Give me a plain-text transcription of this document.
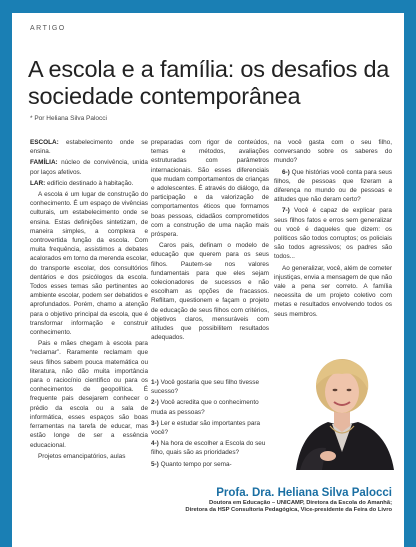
ARTIGO
A escola e a família: os desafios da sociedade contemporânea
* Por Heliana Silva Palocci

ESCOLA: estabelecimento onde se ensina.

FAMÍLIA: núcleo de convivência, unida por laços afetivos.

LAR: edifício destinado à habitação.

A escola é um lugar de construção do conhecimento. É um espaço de vivências culturais, um estabelecimento onde se ensina. Estas definições sintetizam, de maneira simples, a complexa e controvertida função da escola. Com muita frequência, assistimos a debates acalorados em torno da merenda escolar, do transporte escolar, dos consultórios dentários e dos psicólogos da escola. Todos esses temas são pertinentes ao ambiente escolar, podem ser debatidos e aprofundados. Porém, chamo a atenção para o objetivo principal da escola, que é transformar informação e construir conhecimento.

Pais e mães chegam à escola para “reclamar”. Raramente reclamam que seus filhos sabem pouca matemática ou literatura, não dão muita importância para o raciocínio científico ou para os conhecimentos de geopolítica. É frequente pais desejarem conhecer o prédio da escola ou a sala de informática, esses espaços são boas ferramentas na tarefa de educar, mas estão longe de ser a essência educacional.

Projetos emancipatórios, aulas

preparadas com rigor de conteúdos, temas e métodos, avaliações estruturadas com parâmetros internacionais. São esses diferenciais que mudam comportamentos de crianças e adolescentes. É através do diálogo, da participação e da valorização de comportamentos éticos que formamos boas pessoas, cidadãos comprometidos com a construção de uma nação mais próspera.

Caros pais, definam o modelo de educação que querem para os seus filhos. Pautem-se nos valores fundamentais para que eles sejam colecionadores de sucessos e não escolham as opções de fracassos. Reflitam, questionem e façam o projeto de educação de seus filhos com critérios, objetivos claros, mensuráveis com atitudes que possibilitem resultados adequados.

1-) Você gostaria que seu filho tivesse sucesso?

2-) Você acredita que o conhecimento muda as pessoas?

3-) Ler e estudar são importantes para você?

4-) Na hora de escolher a Escola do seu filho, quais são as prioridades?

5-) Quanto tempo por sema-

na você gasta com o seu filho, conversando sobre os saberes do mundo?

6-) Que histórias você conta para seus filhos, de pessoas que fizeram a diferença no mundo ou de pessoas e atitudes que não deram certo?

7-) Você é capaz de explicar para seus filhos fatos e erros sem generalizar ou você é daqueles que dizem: os políticos são todos corruptos; os policiais são todos agressivos; os padres são todos...

Ao generalizar, você, além de cometer injustiças, envia a mensagem de que não vale a pena ser correto. A família necessita de um projeto coletivo com metas e resultados envolvendo todos os seus membros.

Profa. Dra. Heliana Silva Palocci
Doutora em Educação – UNICAMP, Diretora da Escola do Amanhã;
Diretora da HSP Consultoria Pedagógica, Vice-presidente da Feira do Livro
